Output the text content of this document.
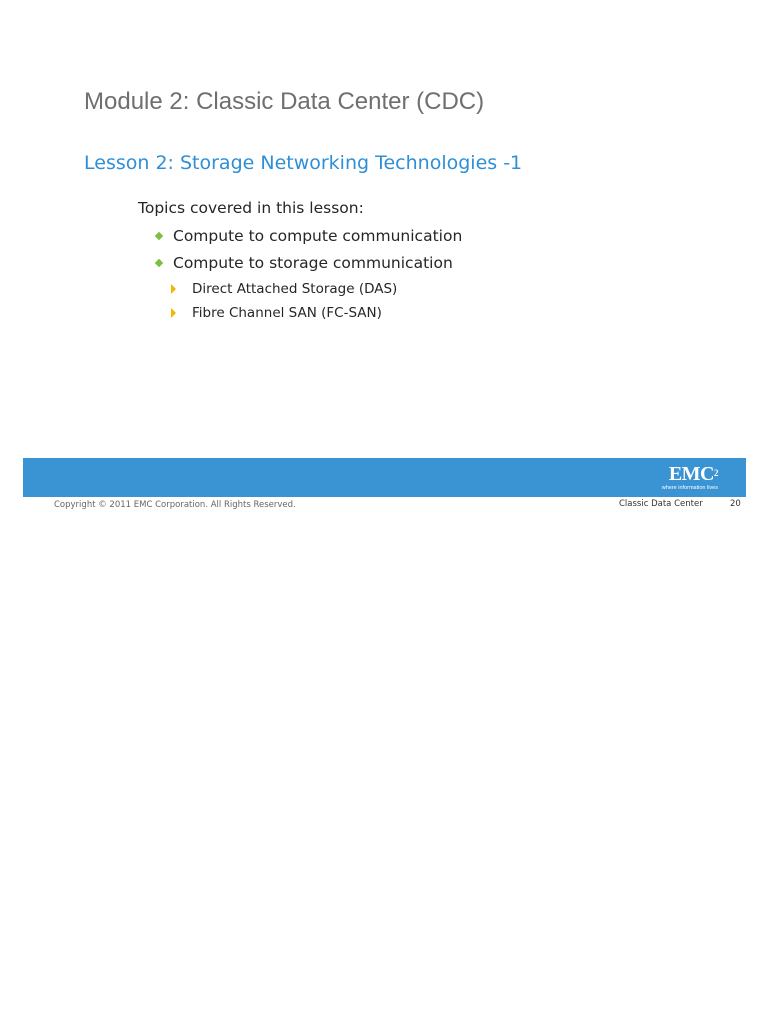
Module 2: Classic Data Center (CDC)
Lesson 2: Storage Networking Technologies -1
Topics covered in this lesson:
Compute to compute communication
Compute to storage communication
Direct Attached Storage (DAS)
Fibre Channel SAN (FC-SAN)
EMC$^2$
where information lives
Copyright © 2011 EMC Corporation. All Rights Reserved.	Classic Data Center	20
